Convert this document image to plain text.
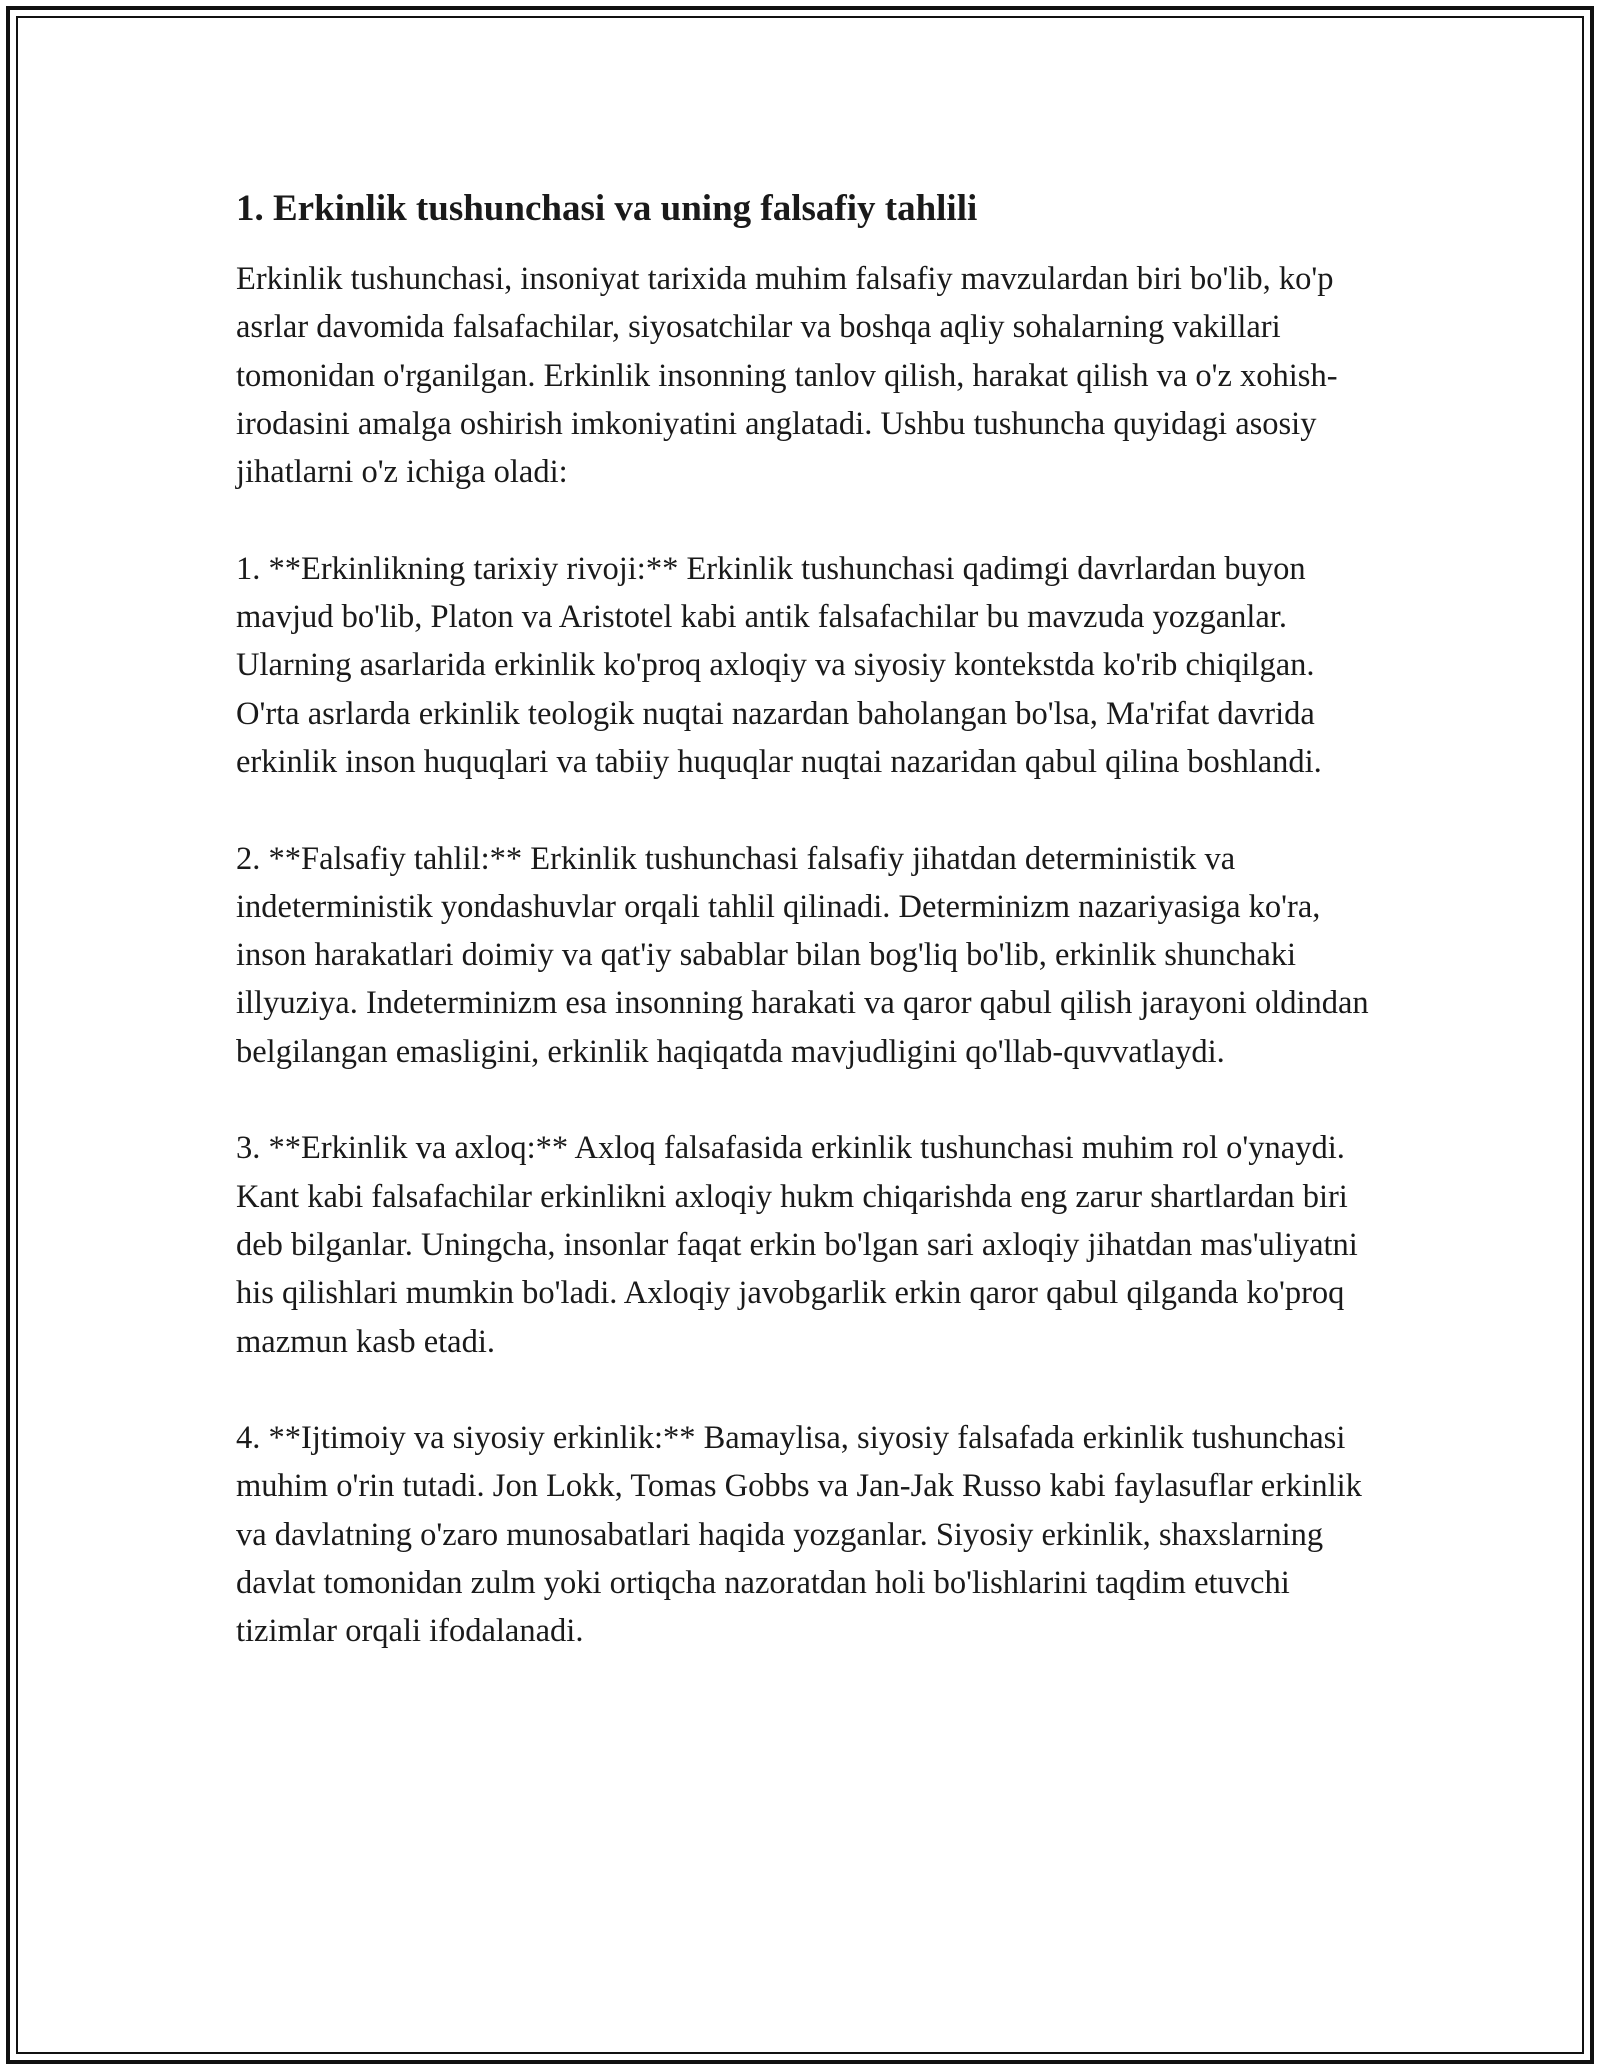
1. Erkinlik tushunchasi va uning falsafiy tahlili

Erkinlik tushunchasi, insoniyat tarixida muhim falsafiy mavzulardan biri bo'lib, ko'p asrlar davomida falsafachilar, siyosatchilar va boshqa aqliy sohalarning vakillari tomonidan o'rganilgan. Erkinlik insonning tanlov qilish, harakat qilish va o'z xohish-irodasini amalga oshirish imkoniyatini anglatadi. Ushbu tushuncha quyidagi asosiy jihatlarni o'z ichiga oladi:

1. **Erkinlikning tarixiy rivoji:** Erkinlik tushunchasi qadimgi davrlardan buyon mavjud bo'lib, Platon va Aristotel kabi antik falsafachilar bu mavzuda yozganlar. Ularning asarlarida erkinlik ko'proq axloqiy va siyosiy kontekstda ko'rib chiqilgan. O'rta asrlarda erkinlik teologik nuqtai nazardan baholangan bo'lsa, Ma'rifat davrida erkinlik inson huquqlari va tabiiy huquqlar nuqtai nazaridan qabul qilina boshlandi.

2. **Falsafiy tahlil:** Erkinlik tushunchasi falsafiy jihatdan deterministik va indeterministik yondashuvlar orqali tahlil qilinadi. Determinizm nazariyasiga ko'ra, inson harakatlari doimiy va qat'iy sabablar bilan bog'liq bo'lib, erkinlik shunchaki illyuziya. Indeterminizm esa insonning harakati va qaror qabul qilish jarayoni oldindan belgilangan emasligini, erkinlik haqiqatda mavjudligini qo'llab-quvvatlaydi.

3. **Erkinlik va axloq:** Axloq falsafasida erkinlik tushunchasi muhim rol o'ynaydi. Kant kabi falsafachilar erkinlikni axloqiy hukm chiqarishda eng zarur shartlardan biri deb bilganlar. Uningcha, insonlar faqat erkin bo'lgan sari axloqiy jihatdan mas'uliyatni his qilishlari mumkin bo'ladi. Axloqiy javobgarlik erkin qaror qabul qilganda ko'proq mazmun kasb etadi.

4. **Ijtimoiy va siyosiy erkinlik:** Bamaylisa, siyosiy falsafada erkinlik tushunchasi muhim o'rin tutadi. Jon Lokk, Tomas Gobbs va Jan-Jak Russo kabi faylasuflar erkinlik va davlatning o'zaro munosabatlari haqida yozganlar. Siyosiy erkinlik, shaxslarning davlat tomonidan zulm yoki ortiqcha nazoratdan holi bo'lishlarini taqdim etuvchi tizimlar orqali ifodalanadi.
